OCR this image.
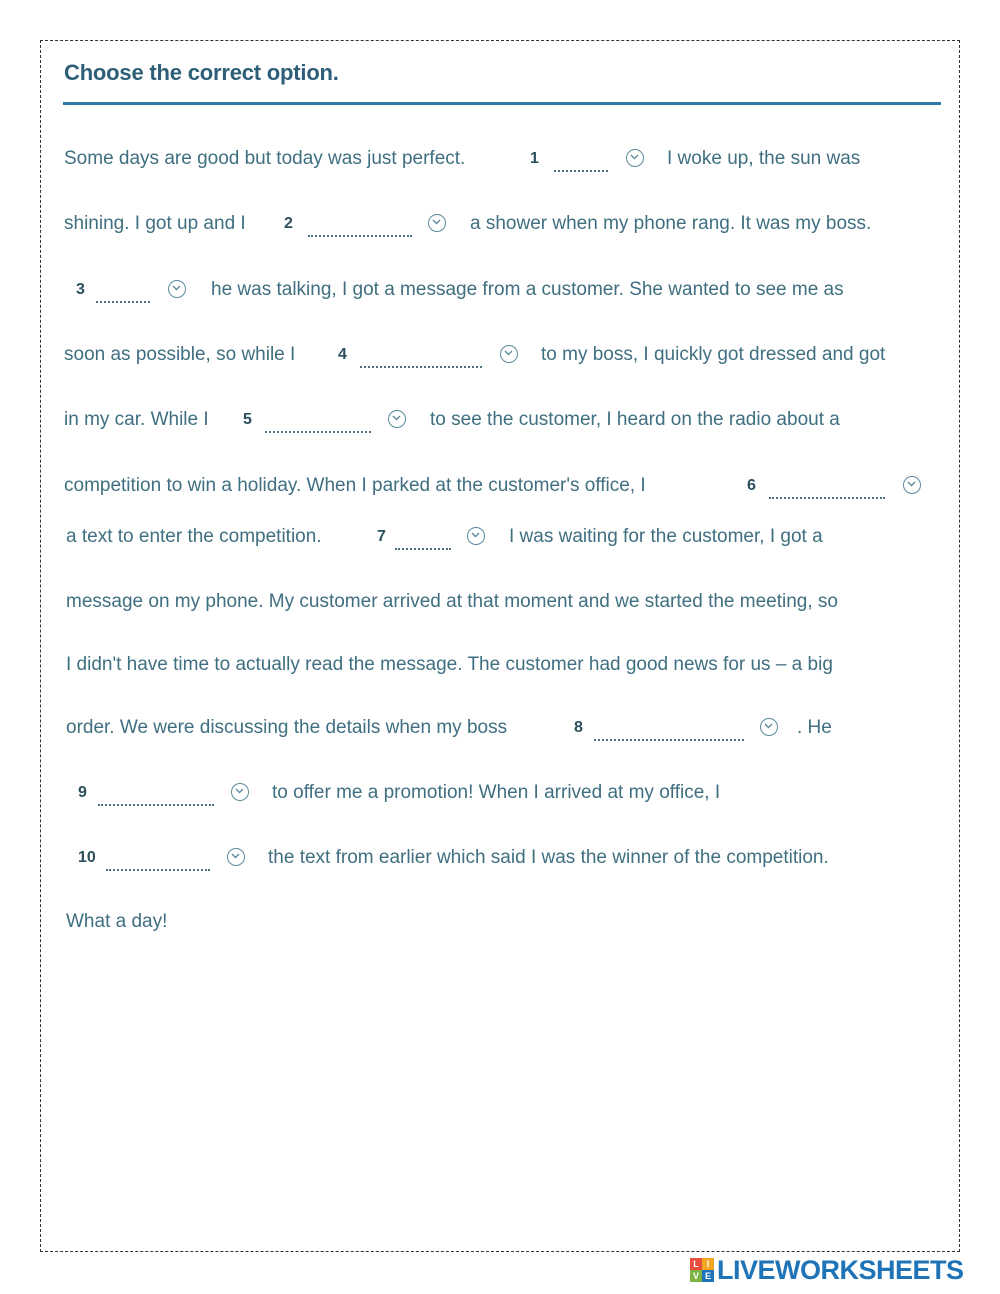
Choose the correct option.
Some days are good but today was just perfect.	1	I woke up, the sun was
shining. I got up and I 2	a shower when my phone rang. It was my boss.
3	he was talking, I got a message from a customer. She wanted to see me as
soon as possible, so while I	4	to my boss, I quickly got dressed and got
in my car. While I 5	to see the customer, I heard on the radio about a
competition to win a holiday. When I parked at the customer's office, I	6
a text to enter the competition.	7	I was waiting for the customer, I got a
message on my phone. My customer arrived at that moment and we started the meeting, so
I didn't have time to actually read the message. The customer had good news for us – a big
order. We were discussing the details when my boss	8	. He
9	to offer me a promotion! When I arrived at my office, I
10	the text from earlier which said I was the winner of the competition.
What a day!
L I
V E LIVEWORKSHEETS
